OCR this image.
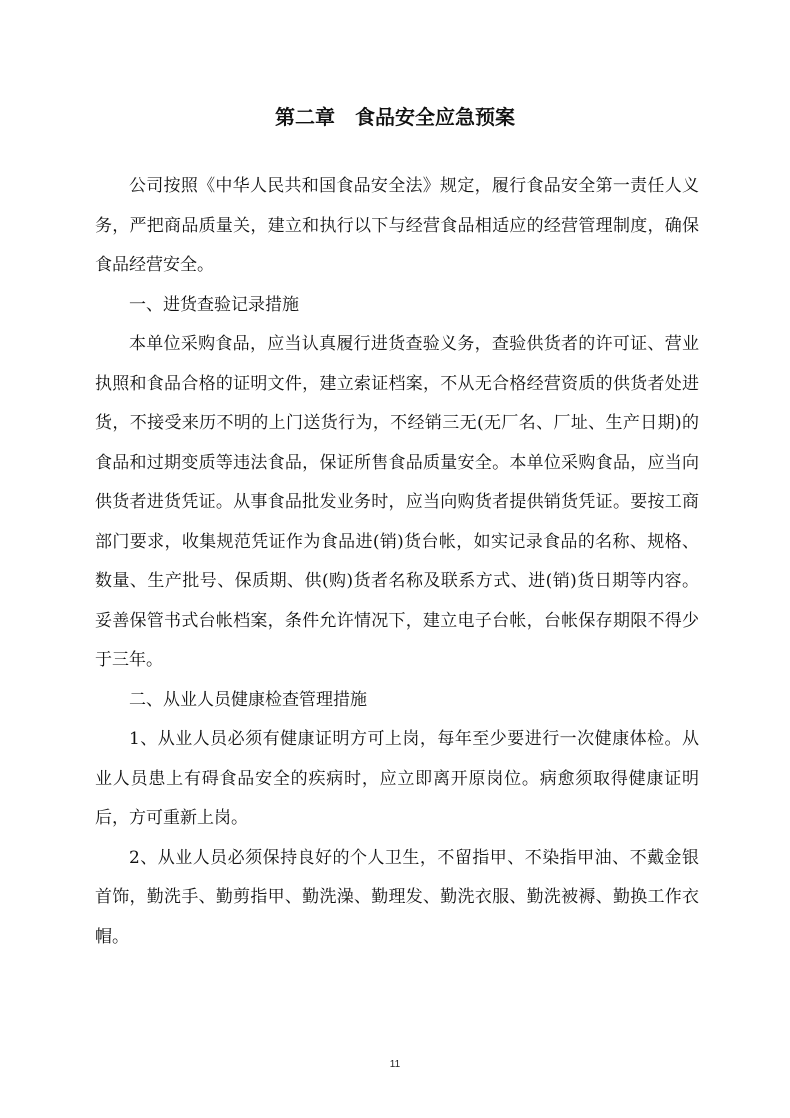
第二章　食品安全应急预案

公司按照《中华人民共和国食品安全法》规定，履行食品安全第一责任人义务，严把商品质量关，建立和执行以下与经营食品相适应的经营管理制度，确保食品经营安全。

一、进货查验记录措施

本单位采购食品，应当认真履行进货查验义务，查验供货者的许可证、营业执照和食品合格的证明文件，建立索证档案，不从无合格经营资质的供货者处进货，不接受来历不明的上门送货行为，不经销三无(无厂名、厂址、生产日期)的食品和过期变质等违法食品，保证所售食品质量安全。本单位采购食品，应当向供货者进货凭证。从事食品批发业务时，应当向购货者提供销货凭证。要按工商部门要求，收集规范凭证作为食品进(销)货台帐，如实记录食品的名称、规格、数量、生产批号、保质期、供(购)货者名称及联系方式、进(销)货日期等内容。妥善保管书式台帐档案，条件允许情况下，建立电子台帐，台帐保存期限不得少于三年。

二、从业人员健康检查管理措施

1、从业人员必须有健康证明方可上岗，每年至少要进行一次健康体检。从业人员患上有碍食品安全的疾病时，应立即离开原岗位。病愈须取得健康证明后，方可重新上岗。

2、从业人员必须保持良好的个人卫生，不留指甲、不染指甲油、不戴金银首饰，勤洗手、勤剪指甲、勤洗澡、勤理发、勤洗衣服、勤洗被褥、勤换工作衣帽。

11
